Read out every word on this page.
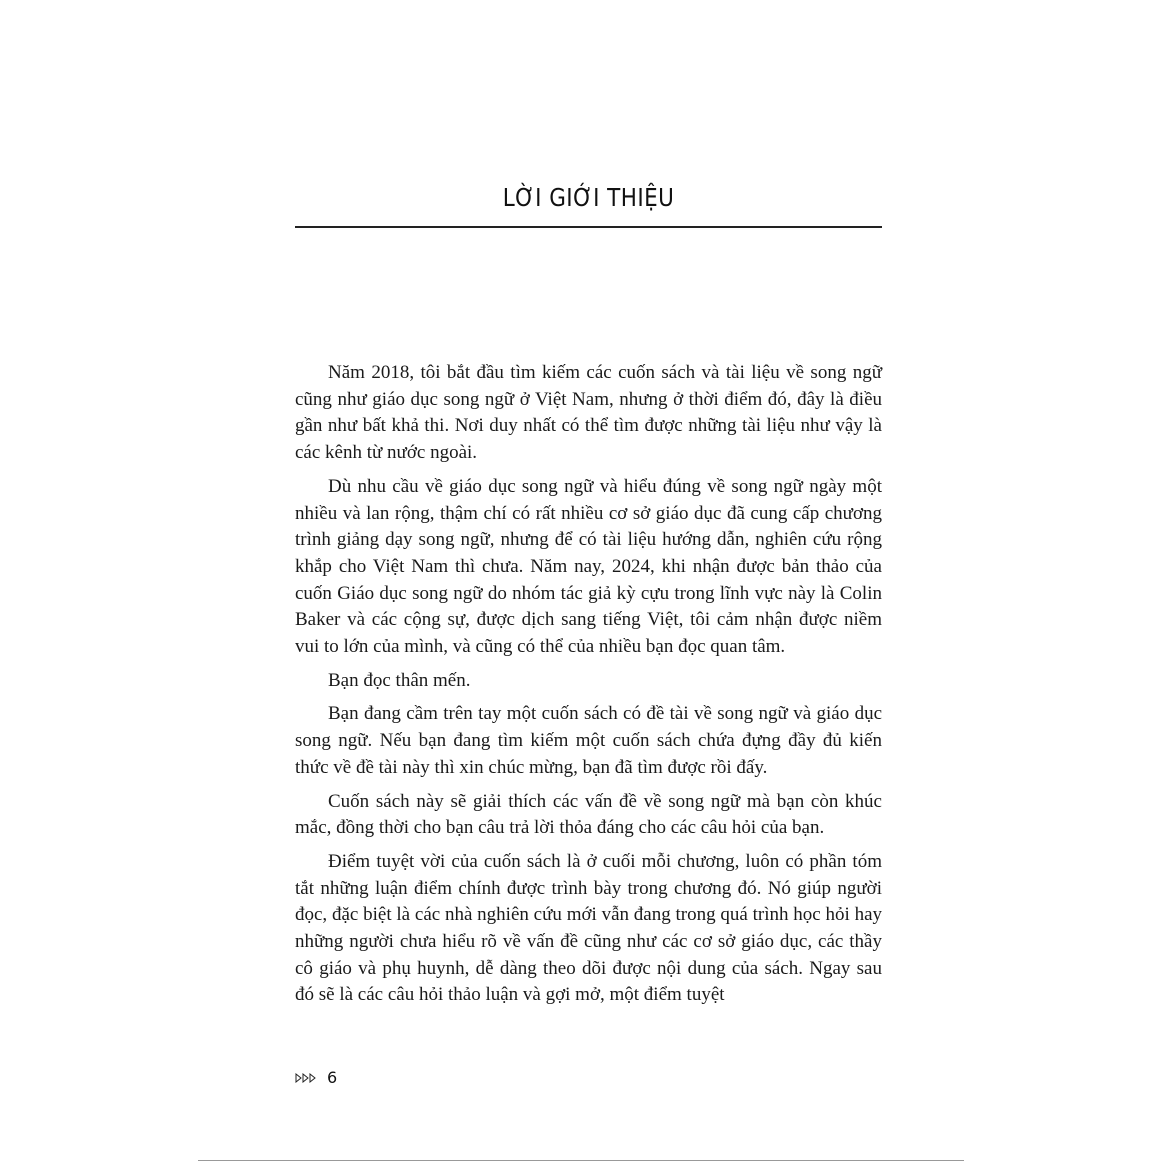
LỜI GIỚI THIỆU

Năm 2018, tôi bắt đầu tìm kiếm các cuốn sách và tài liệu về song ngữ cũng như giáo dục song ngữ ở Việt Nam, nhưng ở thời điểm đó, đây là điều gần như bất khả thi. Nơi duy nhất có thể tìm được những tài liệu như vậy là các kênh từ nước ngoài.

Dù nhu cầu về giáo dục song ngữ và hiểu đúng về song ngữ ngày một nhiều và lan rộng, thậm chí có rất nhiều cơ sở giáo dục đã cung cấp chương trình giảng dạy song ngữ, nhưng để có tài liệu hướng dẫn, nghiên cứu rộng khắp cho Việt Nam thì chưa. Năm nay, 2024, khi nhận được bản thảo của cuốn Giáo dục song ngữ do nhóm tác giả kỳ cựu trong lĩnh vực này là Colin Baker và các cộng sự, được dịch sang tiếng Việt, tôi cảm nhận được niềm vui to lớn của mình, và cũng có thể của nhiều bạn đọc quan tâm.

Bạn đọc thân mến.

Bạn đang cầm trên tay một cuốn sách có đề tài về song ngữ và giáo dục song ngữ. Nếu bạn đang tìm kiếm một cuốn sách chứa đựng đầy đủ kiến thức về đề tài này thì xin chúc mừng, bạn đã tìm được rồi đấy.

Cuốn sách này sẽ giải thích các vấn đề về song ngữ mà bạn còn khúc mắc, đồng thời cho bạn câu trả lời thỏa đáng cho các câu hỏi của bạn.

Điểm tuyệt vời của cuốn sách là ở cuối mỗi chương, luôn có phần tóm tắt những luận điểm chính được trình bày trong chương đó. Nó giúp người đọc, đặc biệt là các nhà nghiên cứu mới vẫn đang trong quá trình học hỏi hay những người chưa hiểu rõ về vấn đề cũng như các cơ sở giáo dục, các thầy cô giáo và phụ huynh, dễ dàng theo dõi được nội dung của sách. Ngay sau đó sẽ là các câu hỏi thảo luận và gợi mở, một điểm tuyệt

6
